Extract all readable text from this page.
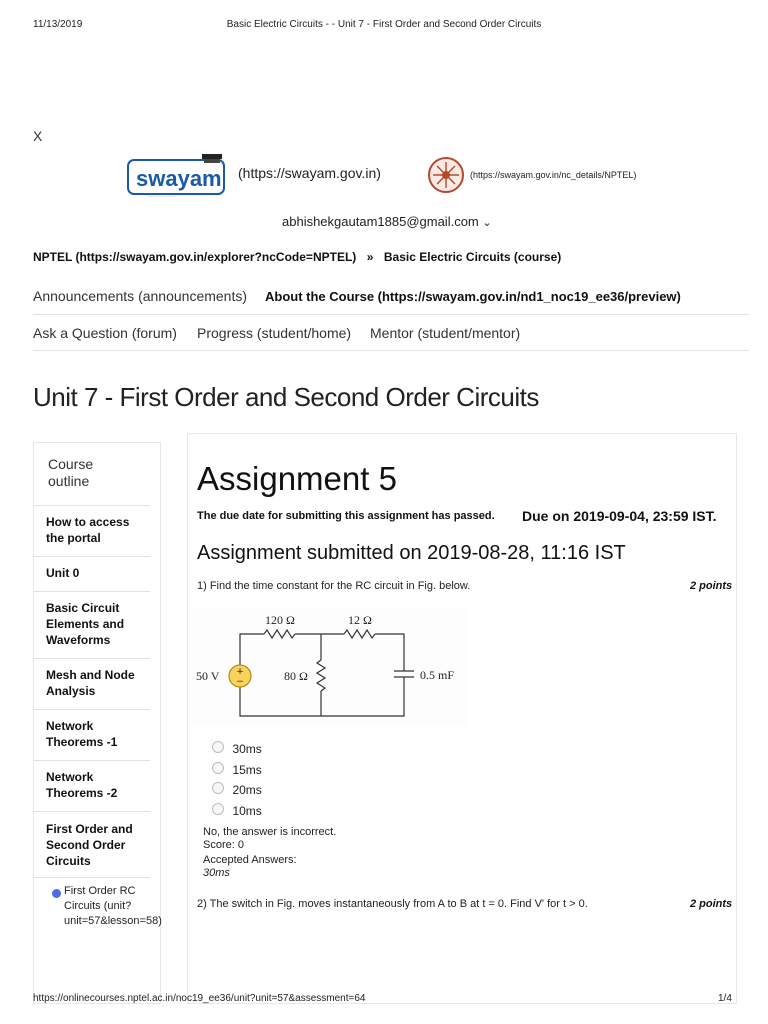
11/13/2019	Basic Electric Circuits - - Unit 7 - First Order and Second Order Circuits
X
swayam
·····················
(https://swayam.gov.in)	(https://swayam.gov.in/nc_details/NPTEL)
abhishekgautam1885@gmail.com ⌄
NPTEL (https://swayam.gov.in/explorer?ncCode=NPTEL) » Basic Electric Circuits (course)
Announcements (announcements) About the Course (https://swayam.gov.in/nd1_noc19_ee36/preview)
Ask a Question (forum) Progress (student/home) Mentor (student/mentor)
Unit 7 - First Order and Second Order Circuits
Course
outline
How to access
the portal
Unit 0
Basic Circuit
Elements and
Waveforms
Mesh and Node
Analysis
Network
Theorems -1
Network
Theorems -2
First Order and
Second Order
Circuits
First Order RC
Circuits (unit?
unit=57&lesson=58)
Assignment 5
The due date for submitting this assignment has passed. Due on 2019-09-04, 23:59 IST.
Assignment submitted on 2019-08-28, 11:16 IST
1) Find the time constant for the RC circuit in Fig. below.	2 points
+
−
120 Ω	12 Ω
50 V	80 Ω	0.5 mF
30ms
15ms
20ms
10ms
No, the answer is incorrect.
Score: 0
Accepted Answers:
30ms
2) The switch in Fig. moves instantaneously from A to B at t = 0. Find V' for t > 0.	2 points
https://onlinecourses.nptel.ac.in/noc19_ee36/unit?unit=57&assessment=64	1/4
